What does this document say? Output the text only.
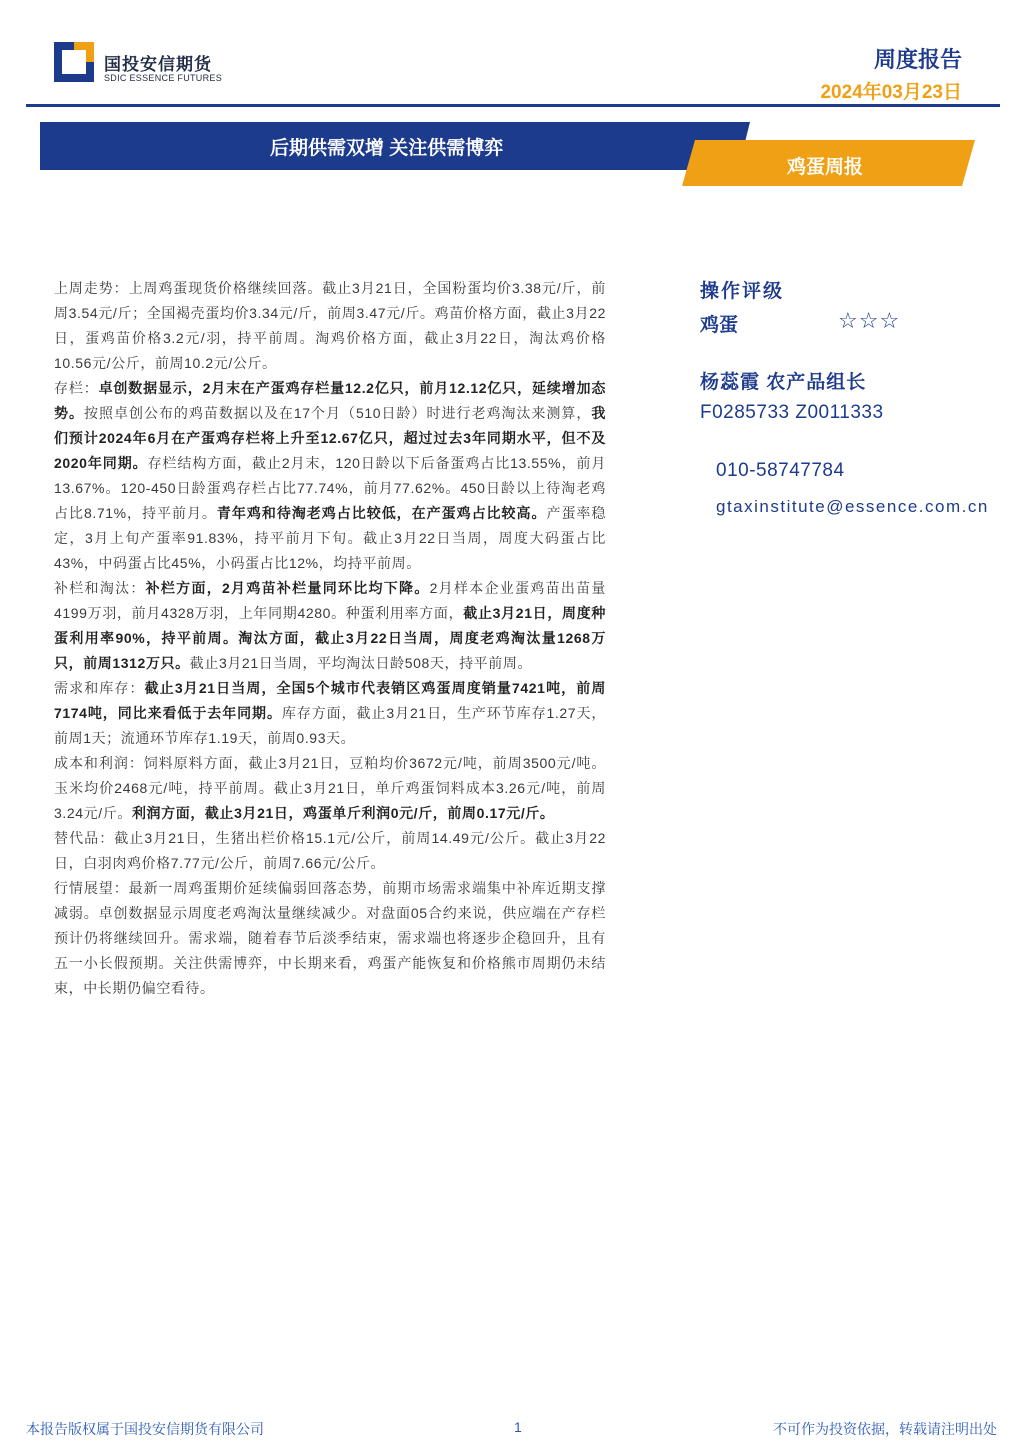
国投安信期货
SDIC ESSENCE FUTURES
周度报告
2024年03月23日
后期供需双增 关注供需博弈
鸡蛋周报

上周走势：上周鸡蛋现货价格继续回落。截止3月21日，全国粉蛋均价3.38元/斤，前周3.54元/斤；全国褐壳蛋均价3.34元/斤，前周3.47元/斤。鸡苗价格方面，截止3月22日，蛋鸡苗价格3.2元/羽，持平前周。淘鸡价格方面，截止3月22日，淘汰鸡价格10.56元/公斤，前周10.2元/公斤。

存栏：卓创数据显示，2月末在产蛋鸡存栏量12.2亿只，前月12.12亿只，延续增加态势。按照卓创公布的鸡苗数据以及在17个月（510日龄）时进行老鸡淘汰来测算，我们预计2024年6月在产蛋鸡存栏将上升至12.67亿只，超过过去3年同期水平，但不及2020年同期。存栏结构方面，截止2月末，120日龄以下后备蛋鸡占比13.55%，前月13.67%。120-450日龄蛋鸡存栏占比77.74%，前月77.62%。450日龄以上待淘老鸡占比8.71%，持平前月。青年鸡和待淘老鸡占比较低，在产蛋鸡占比较高。产蛋率稳定，3月上旬产蛋率91.83%，持平前月下旬。截止3月22日当周，周度大码蛋占比43%，中码蛋占比45%，小码蛋占比12%，均持平前周。

补栏和淘汰：补栏方面，2月鸡苗补栏量同环比均下降。2月样本企业蛋鸡苗出苗量4199万羽，前月4328万羽，上年同期4280。种蛋利用率方面，截止3月21日，周度种蛋利用率90%，持平前周。淘汰方面，截止3月22日当周，周度老鸡淘汰量1268万只，前周1312万只。截止3月21日当周，平均淘汰日龄508天，持平前周。

需求和库存：截止3月21日当周，全国5个城市代表销区鸡蛋周度销量7421吨，前周7174吨，同比来看低于去年同期。库存方面，截止3月21日，生产环节库存1.27天，前周1天；流通环节库存1.19天，前周0.93天。

成本和利润：饲料原料方面，截止3月21日，豆粕均价3672元/吨，前周3500元/吨。玉米均价2468元/吨，持平前周。截止3月21日，单斤鸡蛋饲料成本3.26元/吨，前周3.24元/斤。利润方面，截止3月21日，鸡蛋单斤利润0元/斤，前周0.17元/斤。

替代品：截止3月21日，生猪出栏价格15.1元/公斤，前周14.49元/公斤。截止3月22日，白羽肉鸡价格7.77元/公斤，前周7.66元/公斤。

行情展望：最新一周鸡蛋期价延续偏弱回落态势，前期市场需求端集中补库近期支撑减弱。卓创数据显示周度老鸡淘汰量继续减少。对盘面05合约来说，供应端在产存栏预计仍将继续回升。需求端，随着春节后淡季结束，需求端也将逐步企稳回升，且有五一小长假预期。关注供需博弈，中长期来看，鸡蛋产能恢复和价格熊市周期仍未结束，中长期仍偏空看待。

操作评级
鸡蛋	☆☆☆
杨蕊霞 农产品组长
F0285733 Z0011333
010-58747784
gtaxinstitute@essence.com.cn
本报告版权属于国投安信期货有限公司	1	不可作为投资依据，转载请注明出处
